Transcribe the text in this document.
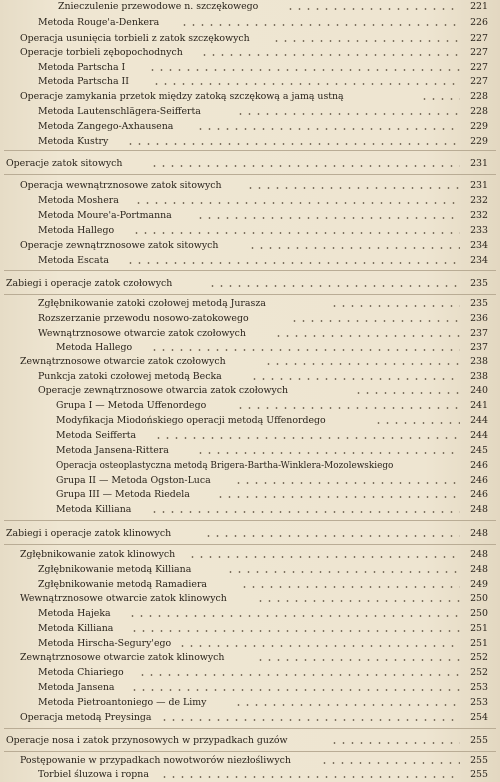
Znieczulenie przewodowe n. szczękowego	221
Metoda Rouge'a-Denkera	226
Operacja usunięcia torbieli z zatok szczękowych	227
Operacje torbieli zębopochodnych	227
Metoda Partscha I	227
Metoda Partscha II	227
Operacje zamykania przetok między zatoką szczękową a jamą ustną	228
Metoda Lautenschlägera-Seifferta	228
Metoda Zangego-Axhausena	229
Metoda Kustry	229
Operacje zatok sitowych	231
Operacja wewnątrznosowe zatok sitowych	231
Metoda Moshera	232
Metoda Moure'a-Portmanna	232
Metoda Hallego	233
Operacje zewnątrznosowe zatok sitowych	234
Metoda Escata	234
Zabiegi i operacje zatok czołowych	235
Zgłębnikowanie zatoki czołowej metodą Jurasza	235
Rozszerzanie przewodu nosowo-zatokowego	236
Wewnątrznosowe otwarcie zatok czołowych	237
Metoda Hallego	237
Zewnątrznosowe otwarcie zatok czołowych	238
Punkcja zatoki czołowej metodą Becka	238
Operacje zewnątrznosowe otwarcia zatok czołowych	240
Grupa I — Metoda Uffenordego	241
Modyfikacja Miodońskiego operacji metodą Uffenordego	244
Metoda Seifferta	244
Metoda Jansena-Rittera	245
Operacja osteoplastyczna metodą Brigera-Bartha-Winklera-Mozolewskiego	246
Grupa II — Metoda Ogston-Luca	246
Grupa III — Metoda Riedela	246
Metoda Killiana	248
Zabiegi i operacje zatok klinowych	248
Zgłębnikowanie zatok klinowych	248
Zgłębnikowanie metodą Killiana	248
Zgłębnikowanie metodą Ramadiera	249
Wewnątrznosowe otwarcie zatok klinowych	250
Metoda Hajeka	250
Metoda Killiana	251
Metoda Hirscha-Segury'ego	251
Zewnątrznosowe otwarcie zatok klinowych	252
Metoda Chiariego	252
Metoda Jansena	253
Metoda Pietroantoniego — de Limy	253
Operacja metodą Preysinga	254
Operacje nosa i zatok przynosowych w przypadkach guzów	255
Postępowanie w przypadkach nowotworów niezłośliwych	255
Torbiel śluzowa i ropna	255
